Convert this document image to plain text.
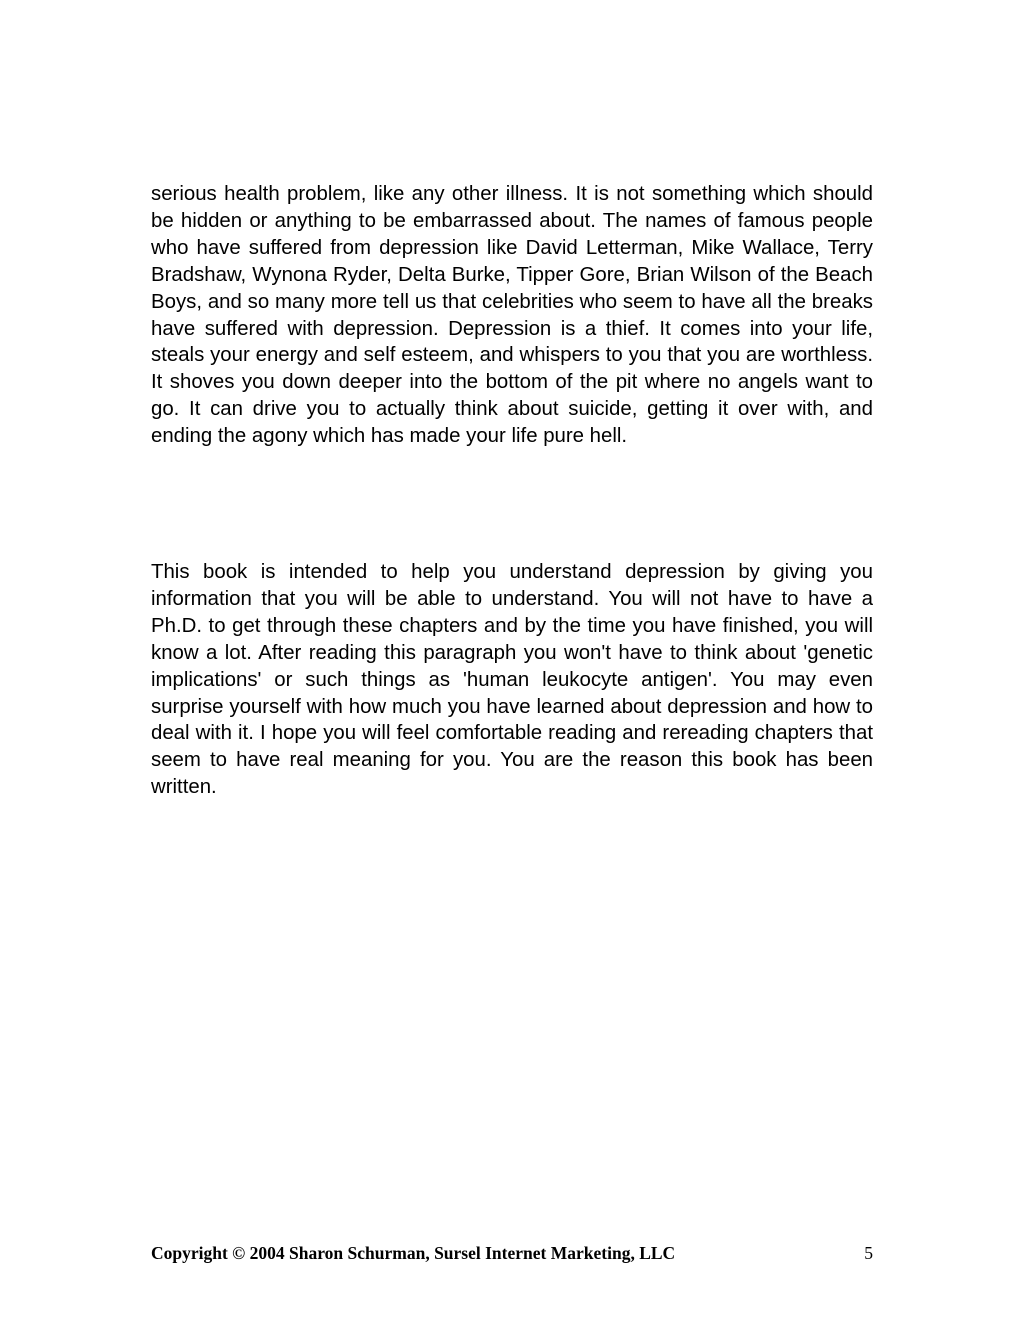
serious health problem, like any other illness. It is not something which should be hidden or anything to be embarrassed about. The names of famous people who have suffered from depression like David Letterman, Mike Wallace, Terry Bradshaw, Wynona Ryder, Delta Burke, Tipper Gore, Brian Wilson of the Beach Boys, and so many more tell us that celebrities who seem to have all the breaks have suffered with depression. Depression is a thief. It comes into your life, steals your energy and self esteem, and whispers to you that you are worthless. It shoves you down deeper into the bottom of the pit where no angels want to go. It can drive you to actually think about suicide, getting it over with, and ending the agony which has made your life pure hell.

This book is intended to help you understand depression by giving you information that you will be able to understand. You will not have to have a Ph.D. to get through these chapters and by the time you have finished, you will know a lot. After reading this paragraph you won't have to think about 'genetic implications' or such things as 'human leukocyte antigen'. You may even surprise yourself with how much you have learned about depression and how to deal with it. I hope you will feel comfortable reading and rereading chapters that seem to have real meaning for you. You are the reason this book has been written.

Copyright © 2004 Sharon Schurman, Sursel Internet Marketing, LLC	5
